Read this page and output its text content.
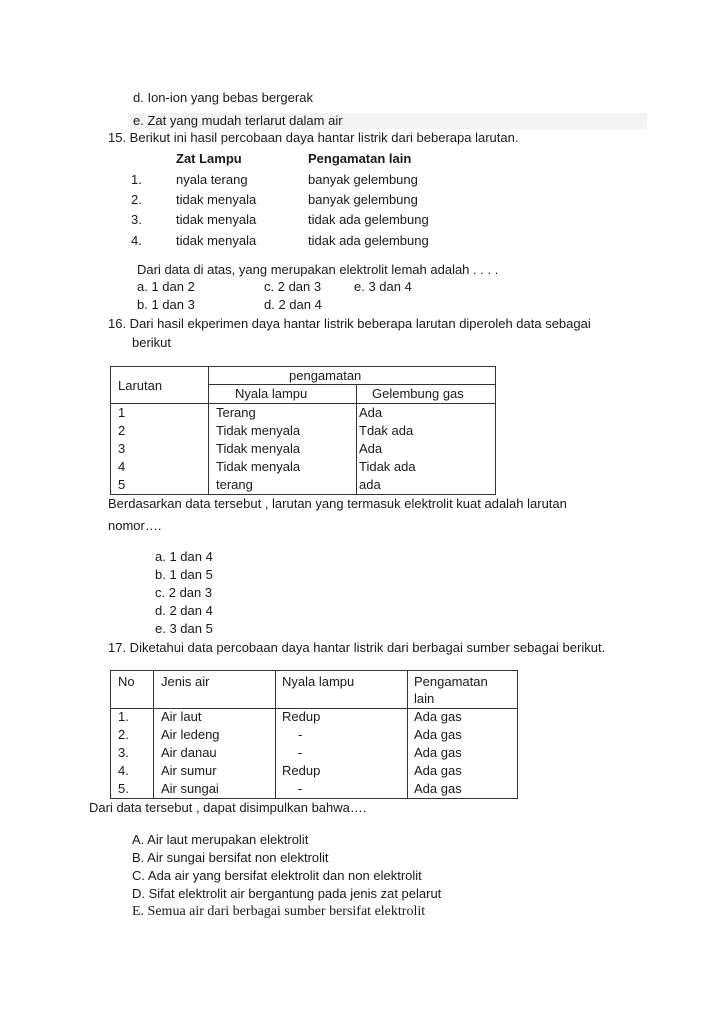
d. Ion-ion yang bebas bergerak
e. Zat yang mudah terlarut dalam air
15. Berikut ini hasil percobaan daya hantar listrik dari beberapa larutan.
Zat Lampu	Pengamatan lain
1.	nyala terang	banyak gelembung
2.	tidak menyala	banyak gelembung
3.	tidak menyala	tidak ada gelembung
4.	tidak menyala	tidak ada gelembung
Dari data di atas, yang merupakan elektrolit lemah adalah . . . .
a. 1 dan 2	c. 2 dan 3	e. 3 dan 4
b. 1 dan 3	d. 2 dan 4
16. Dari hasil ekperimen daya hantar listrik beberapa larutan diperoleh data sebagai
berikut
Larutan
pengamatan
Nyala lampu	Gelembung gas
1	Terang	Ada
2	Tidak menyala	Tdak ada
3	Tidak menyala	Ada
4	Tidak menyala	Tidak ada
5	terang	ada
Berdasarkan data tersebut , larutan yang termasuk elektrolit kuat adalah larutan
nomor….
a. 1 dan 4
b. 1 dan 5
c. 2 dan 3
d. 2 dan 4
e. 3 dan 5
17. Diketahui data percobaan daya hantar listrik dari berbagai sumber sebagai berikut.
No Jenis air	Nyala lampu	Pengamatan
lain
1. Air laut	Redup	Ada gas
2. Air ledeng	-	Ada gas
3. Air danau	-	Ada gas
4. Air sumur	Redup	Ada gas
5. Air sungai	-	Ada gas
Dari data tersebut , dapat disimpulkan bahwa….
A. Air laut merupakan elektrolit
B. Air sungai bersifat non elektrolit
C. Ada air yang bersifat elektrolit dan non elektrolit
D. Sifat elektrolit air bergantung pada jenis zat pelarut
E. Semua air dari berbagai sumber bersifat elektrolit
